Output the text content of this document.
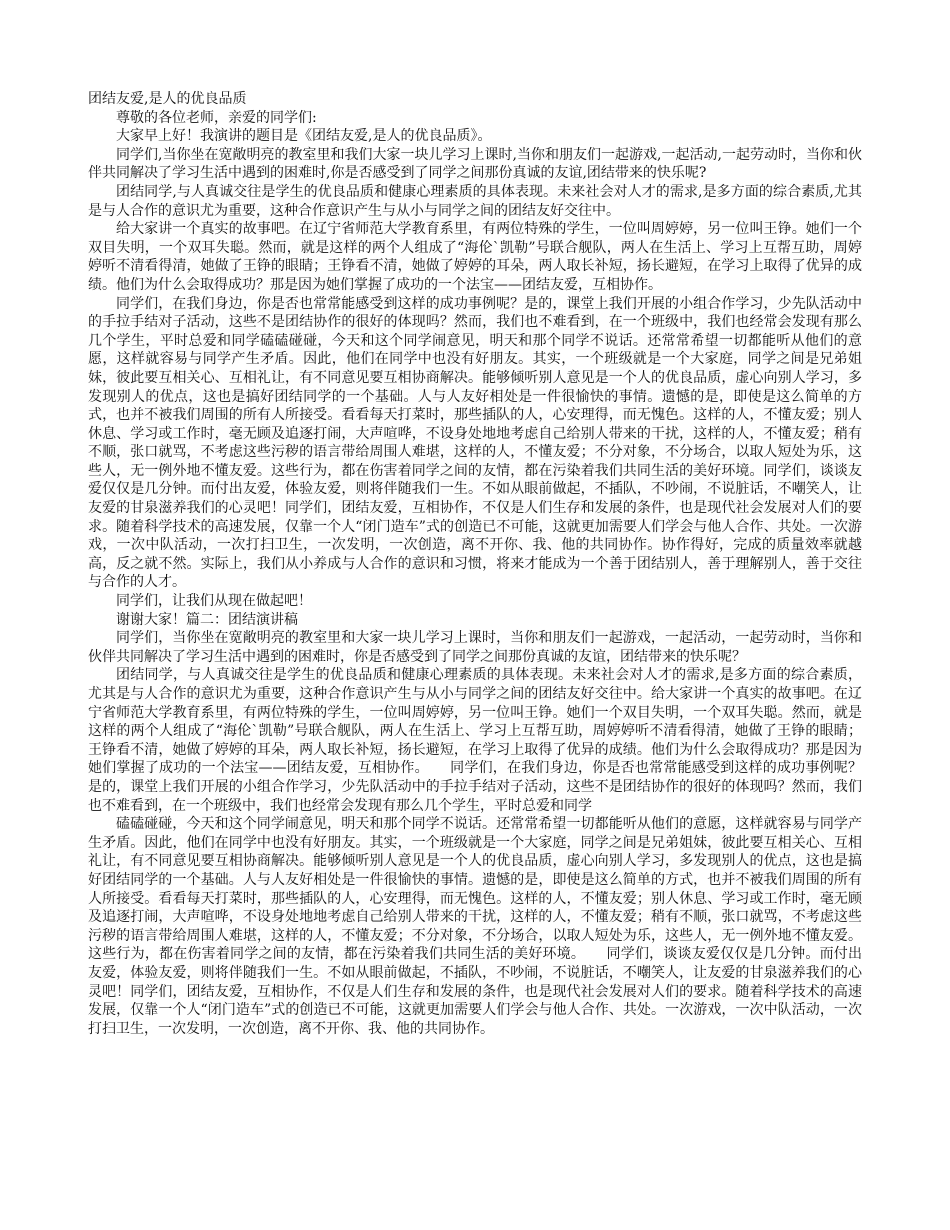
团结友爱,是人的优良品质

尊敬的各位老师，亲爱的同学们:

大家早上好！我演讲的题目是《团结友爱,是人的优良品质》。

同学们,当你坐在宽敞明亮的教室里和我们大家一块儿学习上课时,当你和朋友们一起游戏,一起活动,一起劳动时，当你和伙伴共同解决了学习生活中遇到的困难时,你是否感受到了同学之间那份真诚的友谊,团结带来的快乐呢?

团结同学,与人真诚交往是学生的优良品质和健康心理素质的具体表现。未来社会对人才的需求,是多方面的综合素质,尤其是与人合作的意识尤为重要，这种合作意识产生与从小与同学之间的团结友好交往中。

给大家讲一个真实的故事吧。在辽宁省师范大学教育系里，有两位特殊的学生，一位叫周婷婷，另一位叫王铮。她们一个双目失明，一个双耳失聪。然而，就是这样的两个人组成了“海伦`凯勒”号联合舰队，两人在生活上、学习上互帮互助，周婷婷听不清看得清，她做了王铮的眼睛；王铮看不清，她做了婷婷的耳朵，两人取长补短，扬长避短，在学习上取得了优异的成绩。他们为什么会取得成功？那是因为她们掌握了成功的一个法宝——团结友爱，互相协作。

同学们，在我们身边，你是否也常常能感受到这样的成功事例呢？是的，课堂上我们开展的小组合作学习，少先队活动中的手拉手结对子活动，这些不是团结协作的很好的体现吗？然而，我们也不难看到，在一个班级中，我们也经常会发现有那么几个学生，平时总爱和同学磕磕碰碰，今天和这个同学闹意见，明天和那个同学不说话。还常常希望一切都能听从他们的意愿，这样就容易与同学产生矛盾。因此，他们在同学中也没有好朋友。其实，一个班级就是一个大家庭，同学之间是兄弟姐妹，彼此要互相关心、互相礼让，有不同意见要互相协商解决。能够倾听别人意见是一个人的优良品质，虚心向别人学习，多发现别人的优点，这也是搞好团结同学的一个基础。人与人友好相处是一件很愉快的事情。遗憾的是，即使是这么简单的方式，也并不被我们周围的所有人所接受。看看每天打菜时，那些插队的人，心安理得，而无愧色。这样的人，不懂友爱；别人休息、学习或工作时，毫无顾及追逐打闹，大声喧哗，不设身处地地考虑自己给别人带来的干扰，这样的人，不懂友爱；稍有不顺，张口就骂，不考虑这些污秽的语言带给周围人难堪，这样的人，不懂友爱；不分对象，不分场合，以取人短处为乐，这些人，无一例外地不懂友爱。这些行为，都在伤害着同学之间的友情，都在污染着我们共同生活的美好环境。同学们，谈谈友爱仅仅是几分钟。而付出友爱，体验友爱，则将伴随我们一生。不如从眼前做起，不插队，不吵闹，不说脏话，不嘲笑人，让友爱的甘泉滋养我们的心灵吧！同学们，团结友爱，互相协作，不仅是人们生存和发展的条件，也是现代社会发展对人们的要求。随着科学技术的高速发展，仅靠一个人“闭门造车”式的创造已不可能，这就更加需要人们学会与他人合作、共处。一次游戏，一次中队活动，一次打扫卫生，一次发明，一次创造，离不开你、我、他的共同协作。协作得好，完成的质量效率就越高，反之就不然。实际上，我们从小养成与人合作的意识和习惯，将来才能成为一个善于团结别人，善于理解别人，善于交往与合作的人才。

同学们，让我们从现在做起吧！

谢谢大家！篇二：团结演讲稿

同学们，当你坐在宽敞明亮的教室里和大家一块儿学习上课时，当你和朋友们一起游戏，一起活动，一起劳动时，当你和伙伴共同解决了学习生活中遇到的困难时，你是否感受到了同学之间那份真诚的友谊，团结带来的快乐呢？

团结同学，与人真诚交往是学生的优良品质和健康心理素质的具体表现。未来社会对人才的需求,是多方面的综合素质，尤其是与人合作的意识尤为重要，这种合作意识产生与从小与同学之间的团结友好交往中。给大家讲一个真实的故事吧。在辽宁省师范大学教育系里，有两位特殊的学生，一位叫周婷婷，另一位叫王铮。她们一个双目失明，一个双耳失聪。然而，就是这样的两个人组成了“海伦`凯勒”号联合舰队，两人在生活上、学习上互帮互助，周婷婷听不清看得清，她做了王铮的眼睛；王铮看不清，她做了婷婷的耳朵，两人取长补短，扬长避短，在学习上取得了优异的成绩。他们为什么会取得成功？那是因为她们掌握了成功的一个法宝——团结友爱，互相协作。　　同学们，在我们身边，你是否也常常能感受到这样的成功事例呢？是的，课堂上我们开展的小组合作学习，少先队活动中的手拉手结对子活动，这些不是团结协作的很好的体现吗？然而，我们也不难看到，在一个班级中，我们也经常会发现有那么几个学生，平时总爱和同学

磕磕碰碰，今天和这个同学闹意见，明天和那个同学不说话。还常常希望一切都能听从他们的意愿，这样就容易与同学产生矛盾。因此，他们在同学中也没有好朋友。其实，一个班级就是一个大家庭，同学之间是兄弟姐妹，彼此要互相关心、互相礼让，有不同意见要互相协商解决。能够倾听别人意见是一个人的优良品质，虚心向别人学习，多发现别人的优点，这也是搞好团结同学的一个基础。人与人友好相处是一件很愉快的事情。遗憾的是，即使是这么简单的方式，也并不被我们周围的所有人所接受。看看每天打菜时，那些插队的人，心安理得，而无愧色。这样的人，不懂友爱；别人休息、学习或工作时，毫无顾及追逐打闹，大声喧哗，不设身处地地考虑自己给别人带来的干扰，这样的人，不懂友爱；稍有不顺，张口就骂，不考虑这些污秽的语言带给周围人难堪，这样的人，不懂友爱；不分对象，不分场合，以取人短处为乐，这些人，无一例外地不懂友爱。这些行为，都在伤害着同学之间的友情，都在污染着我们共同生活的美好环境。　　同学们，谈谈友爱仅仅是几分钟。而付出友爱，体验友爱，则将伴随我们一生。不如从眼前做起，不插队，不吵闹，不说脏话，不嘲笑人，让友爱的甘泉滋养我们的心灵吧！同学们，团结友爱，互相协作，不仅是人们生存和发展的条件，也是现代社会发展对人们的要求。随着科学技术的高速发展，仅靠一个人“闭门造车”式的创造已不可能，这就更加需要人们学会与他人合作、共处。一次游戏，一次中队活动，一次打扫卫生，一次发明，一次创造，离不开你、我、他的共同协作。
